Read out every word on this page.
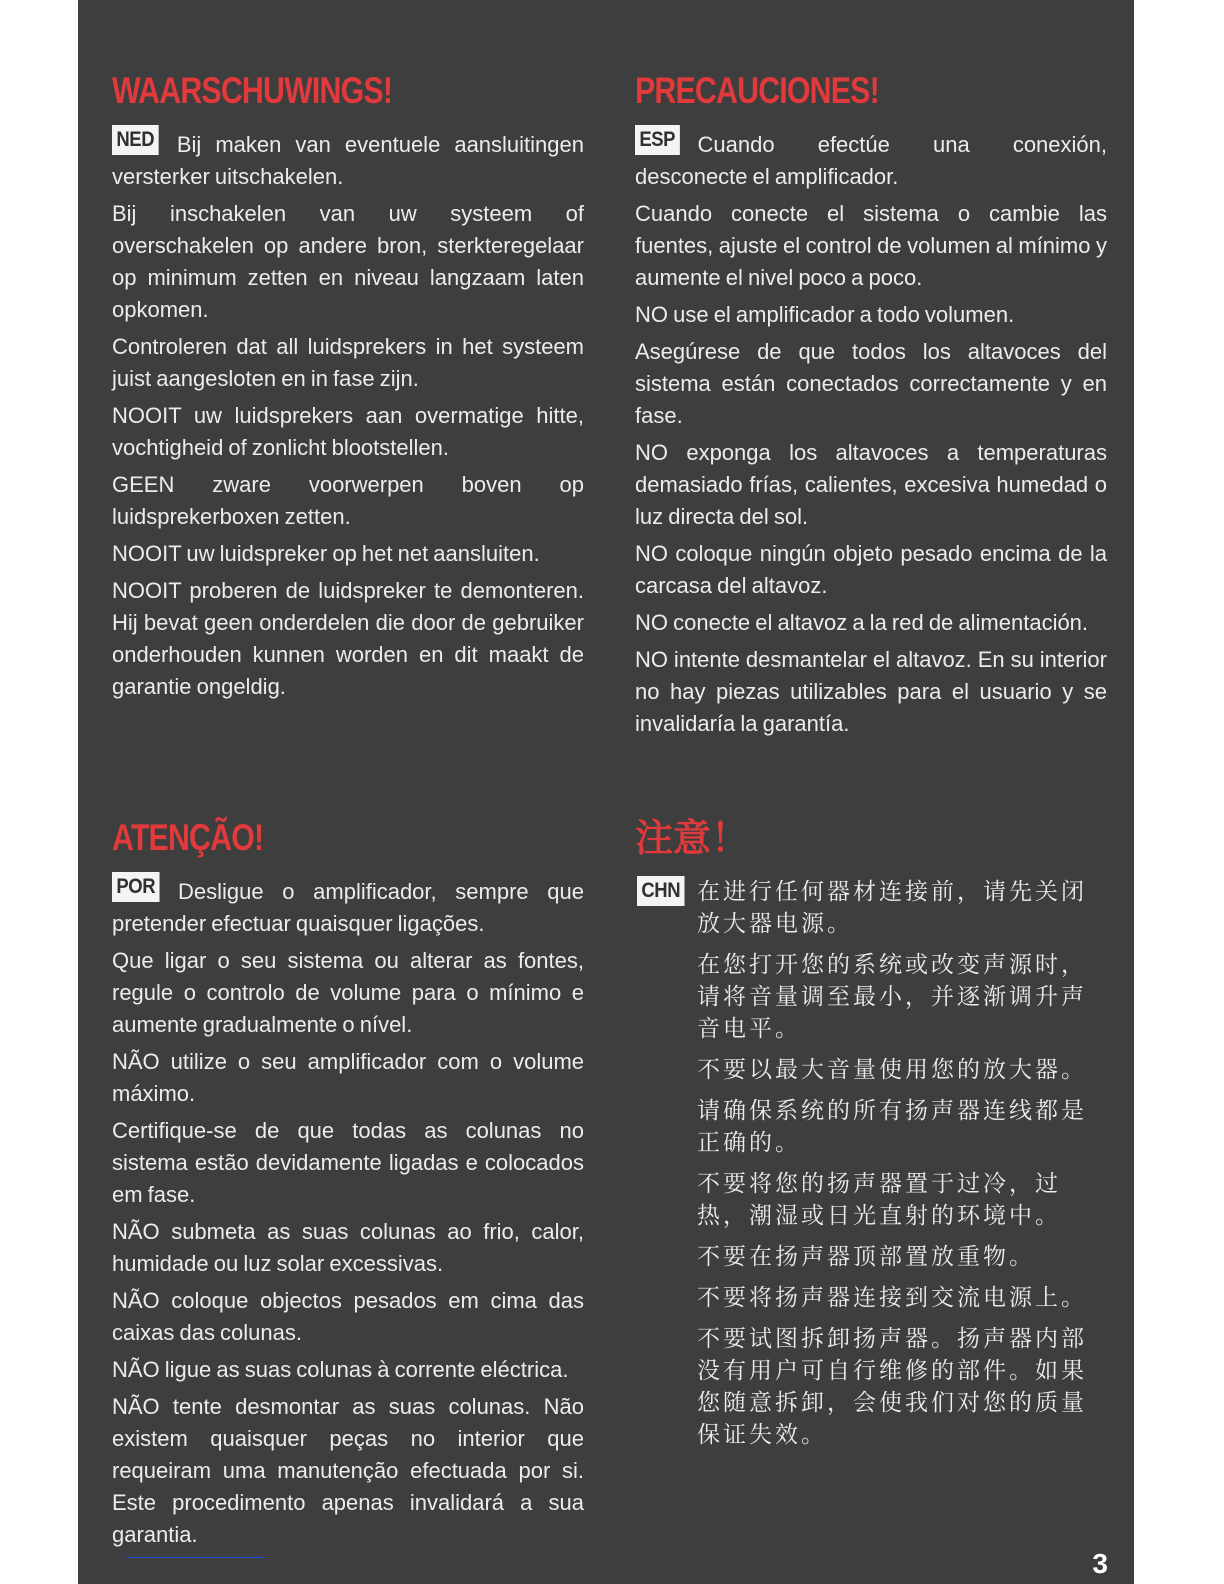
WAARSCHUWINGS!

NED Bij maken van eventuele aansluitingen versterker uitschakelen.

Bij inschakelen van uw systeem of overschakelen op andere bron, sterkteregelaar op minimum zetten en niveau langzaam laten opkomen.

Controleren dat all luidsprekers in het systeem juist aangesloten en in fase zijn.

NOOIT uw luidsprekers aan overmatige hitte, vochtigheid of zonlicht blootstellen.

GEEN zware voorwerpen boven op luidsprekerboxen zetten.

NOOIT uw luidspreker op het net aansluiten.

NOOIT proberen de luidspreker te demonteren. Hij bevat geen onderdelen die door de gebruiker onderhouden kunnen worden en dit maakt de garantie ongeldig.

PRECAUCIONES!

ESP Cuando efectúe una conexión, desconecte el amplificador.

Cuando conecte el sistema o cambie las fuentes, ajuste el control de volumen al mínimo y aumente el nivel poco a poco.

NO use el amplificador a todo volumen.

Asegúrese de que todos los altavoces del sistema están conectados correctamente y en fase.

NO exponga los altavoces a temperaturas demasiado frías, calientes, excesiva humedad o luz directa del sol.

NO coloque ningún objeto pesado encima de la carcasa del altavoz.

NO conecte el altavoz a la red de alimentación.

NO intente desmantelar el altavoz. En su interior no hay piezas utilizables para el usuario y se invalidaría la garantía.

ATENÇÃO!

POR Desligue o amplificador, sempre que pretender efectuar quaisquer ligações.

Que ligar o seu sistema ou alterar as fontes, regule o controlo de volume para o mínimo e aumente gradualmente o nível.

NÃO utilize o seu amplificador com o volume máximo.

Certifique-se de que todas as colunas no sistema estão devidamente ligadas e colocados em fase.

NÃO submeta as suas colunas ao frio, calor, humidade ou luz solar excessivas.

NÃO coloque objectos pesados em cima das caixas das colunas.

NÃO ligue as suas colunas à corrente eléctrica.

NÃO tente desmontar as suas colunas. Não existem quaisquer peças no interior que requeiram uma manutenção efectuada por si. Este procedimento apenas invalidará a sua garantia.

注意！
CHN 在进行任何器材连接前，请先关闭放大器电源。

在您打开您的系统或改变声源时，请将音量调至最小，并逐渐调升声音电平。

不要以最大音量使用您的放大器。

请确保系统的所有扬声器连线都是正确的。

不要将您的扬声器置于过冷，过热，潮湿或日光直射的环境中。

不要在扬声器顶部置放重物。

不要将扬声器连接到交流电源上。

不要试图拆卸扬声器。扬声器内部没有用户可自行维修的部件。如果您随意拆卸，会使我们对您的质量保证失效。

3
